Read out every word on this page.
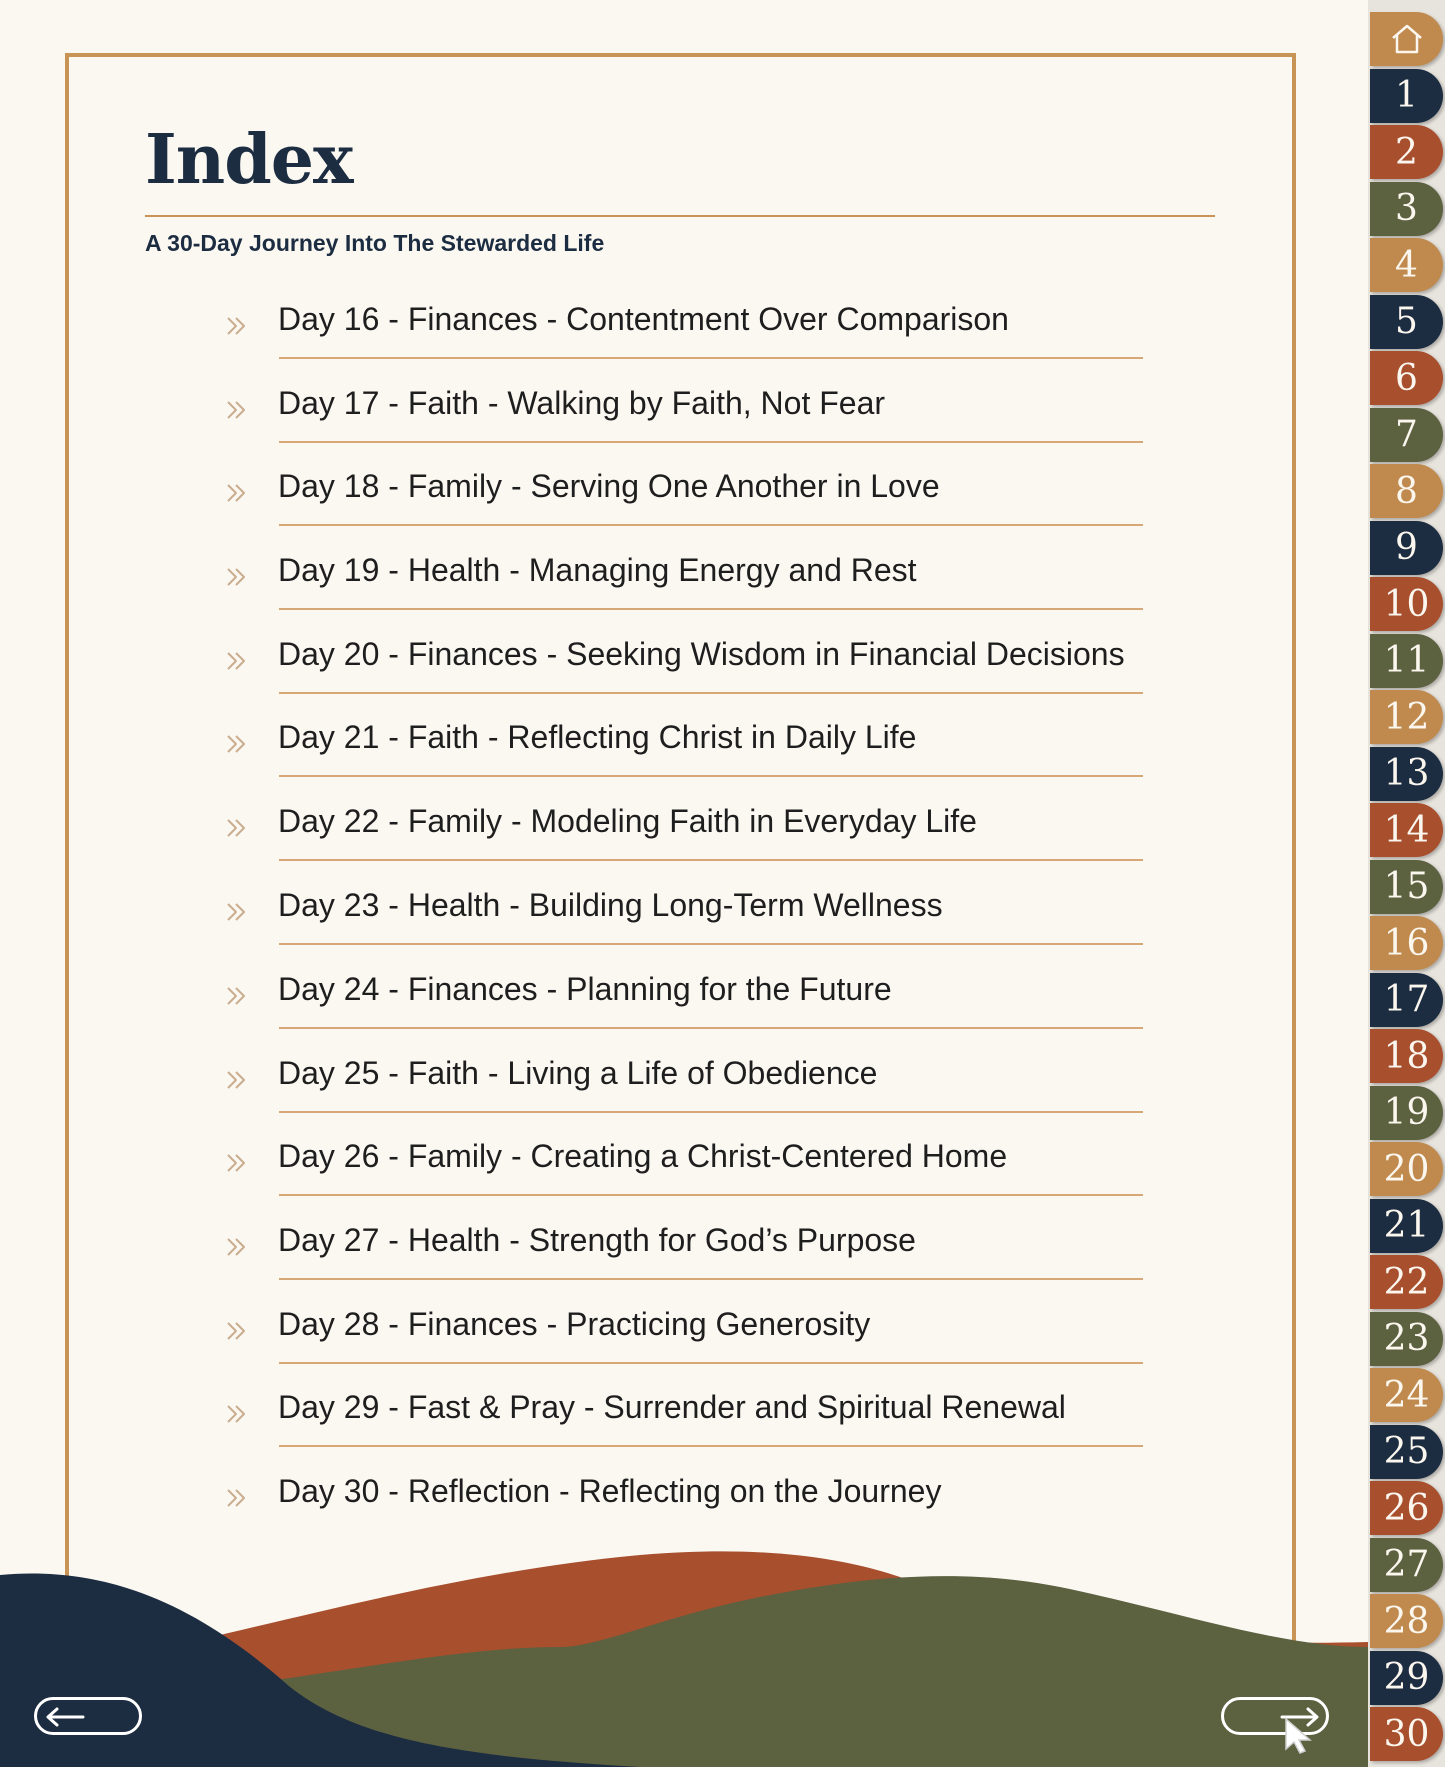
Index
A 30-Day Journey Into The Stewarded Life
Day 16 - Finances - Contentment Over Comparison
Day 17 - Faith - Walking by Faith, Not Fear
Day 18 - Family - Serving One Another in Love
Day 19 - Health - Managing Energy and Rest
Day 20 - Finances - Seeking Wisdom in Financial Decisions
Day 21 - Faith - Reflecting Christ in Daily Life
Day 22 - Family - Modeling Faith in Everyday Life
Day 23 - Health - Building Long-Term Wellness
Day 24 - Finances - Planning for the Future
Day 25 - Faith - Living a Life of Obedience
Day 26 - Family - Creating a Christ-Centered Home
Day 27 - Health - Strength for God’s Purpose
Day 28 - Finances - Practicing Generosity
Day 29 - Fast & Pray - Surrender and Spiritual Renewal
Day 30 - Reflection - Reflecting on the Journey
1
2
3
4
5
6
7
8
9
10
11
12
13
14
15
16
17
18
19
20
21
22
23
24
25
26
27
28
29
30
